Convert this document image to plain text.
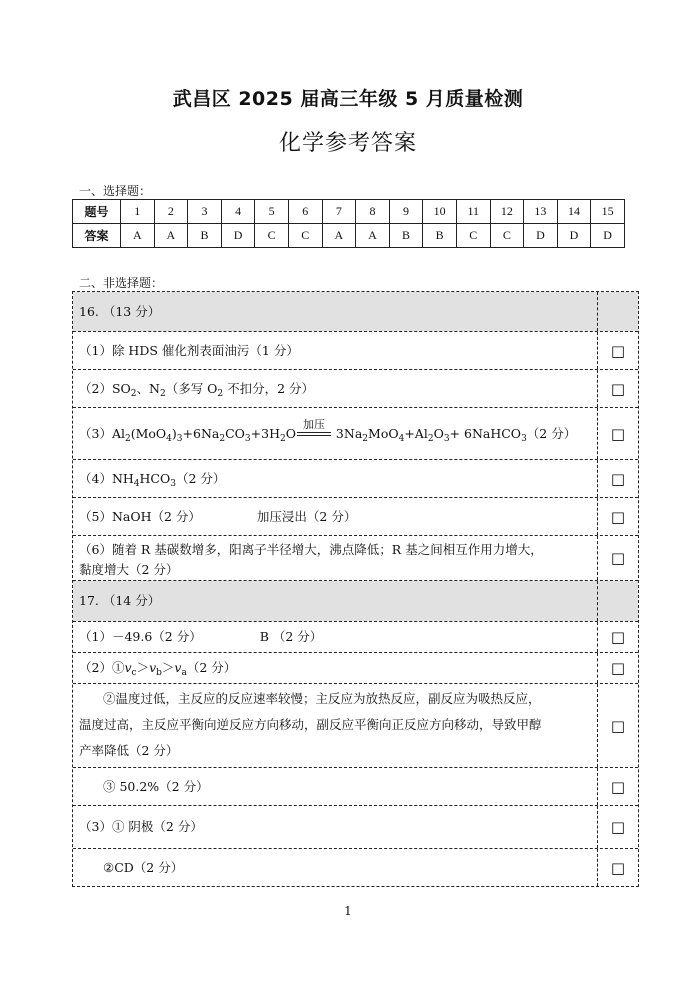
武昌区 2025 届高三年级 5 月质量检测
化学参考答案
一、选择题：
题号	1	2	3	4	5	6	7	8	9	10	11	12	13	14	15
答案	A	A	B	D	C	C	A	A	B	B	C	C	D	D	D
二、非选择题：
16. （13 分）
（1）除 HDS 催化剂表面油污（1 分）	□
$(2)SO_2$、$N_2$（多写 $O_2$ 不扣分，2 分）	□
$(3)Al_2(MoO_4)_3+6Na_2CO_3+3H_2O$
加压
$3Na_2MoO_4+Al_2O_3+$ 6NaHCO$_3$（2 分）	□
$(4)NH_4HCO_3(2$ 分）	□
（5）NaOH（2 分）	加压浸出（2 分）	□
（6）随着 R 基碳数增多，阳离子半径增大，沸点降低；R 基之间相互作用力增大，
黏度增大（2 分）
□
17. （14 分）
（1）－49.6（2 分）	B （2 分）	□
$(2)①v_c>v_b>v_a(2$ 分）	□
②温度过低，主反应的反应速率较慢；主反应为放热反应，副反应为吸热反应，
温度过高，主反应平衡向逆反应方向移动，副反应平衡向正反应方向移动，导致甲醇
产率降低（2 分）
□
③ 50.2%（2 分）	□
（3）① 阴极（2 分）	□
②CD（2 分）	□
1
